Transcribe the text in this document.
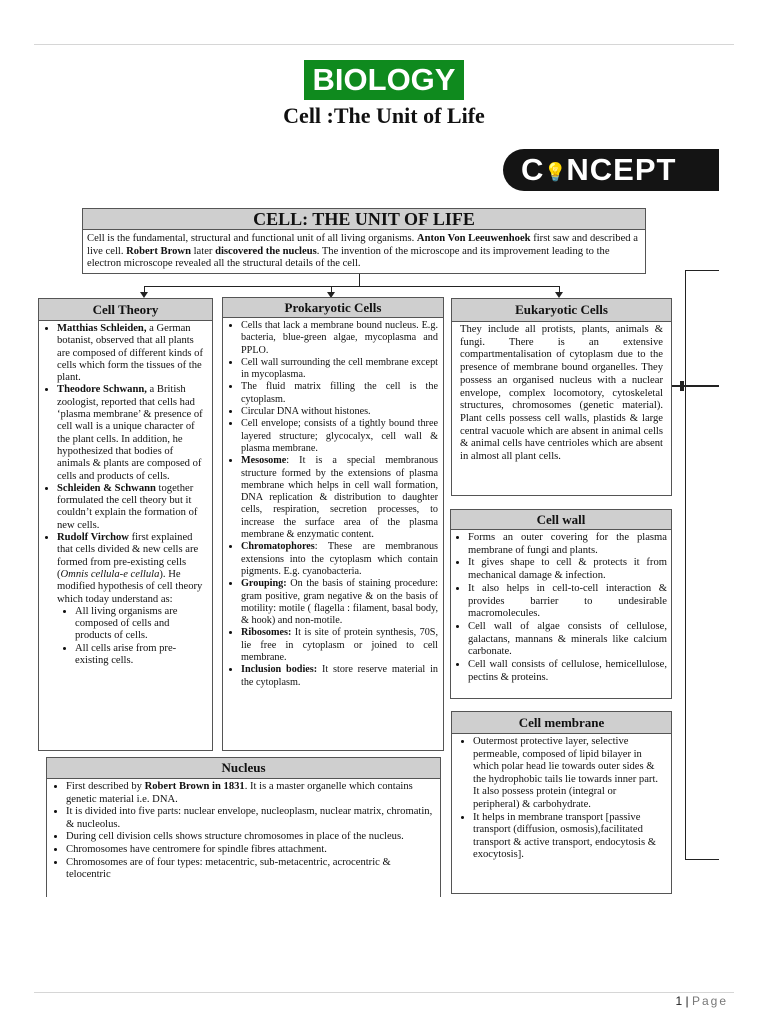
BIOLOGY
Cell :The Unit of Life
C💡NCEPT
CELL: THE UNIT OF LIFE
Cell is the fundamental, structural and functional unit of all living organisms. Anton Von Leeuwenhoek first saw and described a live cell. Robert Brown later discovered the nucleus. The invention of the microscope and its improvement leading to the electron microscope revealed all the structural details of the cell.
Cell Theory
• Matthias Schleiden, a German botanist, observed that all plants are composed of different kinds of cells which form the tissues of the plant.
• Theodore Schwann, a British zoologist, reported that cells had ‘plasma membrane’ & presence of cell wall is a unique character of the plant cells. In addition, he hypothesized that bodies of animals & plants are composed of cells and products of cells.
• Schleiden & Schwann together formulated the cell theory but it couldn’t explain the formation of new cells.
• Rudolf Virchow first explained that cells divided & new cells are formed from pre-existing cells (Omnis cellula-e cellula). He modified hypothesis of cell theory which today understand as:
• All living organisms are composed of cells and products of cells.
• All cells arise from pre-existing cells.
Prokaryotic Cells
• Cells that lack a membrane bound nucleus. E.g. bacteria, blue-green algae, mycoplasma and PPLO.
• Cell wall surrounding the cell membrane except in mycoplasma.
• The fluid matrix filling the cell is the cytoplasm.
• Circular DNA without histones.
• Cell envelope; consists of a tightly bound three layered structure; glycocalyx, cell wall & plasma membrane.
• Mesosome: It is a special membranous structure formed by the extensions of plasma membrane which helps in cell wall formation, DNA replication & distribution to daughter cells, respiration, secretion processes, to increase the surface area of the plasma membrane & enzymatic content.
• Chromatophores: These are membranous extensions into the cytoplasm which contain pigments. E.g. cyanobacteria.
• Grouping: On the basis of staining procedure: gram positive, gram negative & on the basis of motility: motile ( flagella : filament, basal body, & hook) and non-motile.
• Ribosomes: It is site of protein synthesis, 70S, lie free in cytoplasm or joined to cell membrane.
• Inclusion bodies: It store reserve material in the cytoplasm.
Eukaryotic Cells
They include all protists, plants, animals & fungi. There is an extensive compartmentalisation of cytoplasm due to the presence of membrane bound organelles. They possess an organised nucleus with a nuclear envelope, complex locomotory, cytoskeletal structures, chromosomes (genetic material). Plant cells possess cell walls, plastids & large central vacuole which are absent in animal cells & animal cells have centrioles which are absent in almost all plant cells.
Cell wall
• Forms an outer covering for the plasma membrane of fungi and plants.
• It gives shape to cell & protects it from mechanical damage & infection.
• It also helps in cell-to-cell interaction & provides barrier to undesirable macromolecules.
• Cell wall of algae consists of cellulose, galactans, mannans & minerals like calcium carbonate.
• Cell wall consists of cellulose, hemicellulose, pectins & proteins.
Cell membrane
• Outermost protective layer, selective permeable, composed of lipid bilayer in which polar head lie towards outer sides & the hydrophobic tails lie towards inner part. It also possess protein (integral or peripheral) & carbohydrate.
• It helps in membrane transport [passive transport (diffusion, osmosis),facilitated transport & active transport, endocytosis & exocytosis].
Nucleus
• First described by Robert Brown in 1831. It is a master organelle which contains genetic material i.e. DNA.
• It is divided into five parts: nuclear envelope, nucleoplasm, nuclear matrix, chromatin, & nucleolus.
• During cell division cells shows structure chromosomes in place of the nucleus.
• Chromosomes have centromere for spindle fibres attachment.
• Chromosomes are of four types: metacentric, sub-metacentric, acrocentric & telocentric
1 | Page
